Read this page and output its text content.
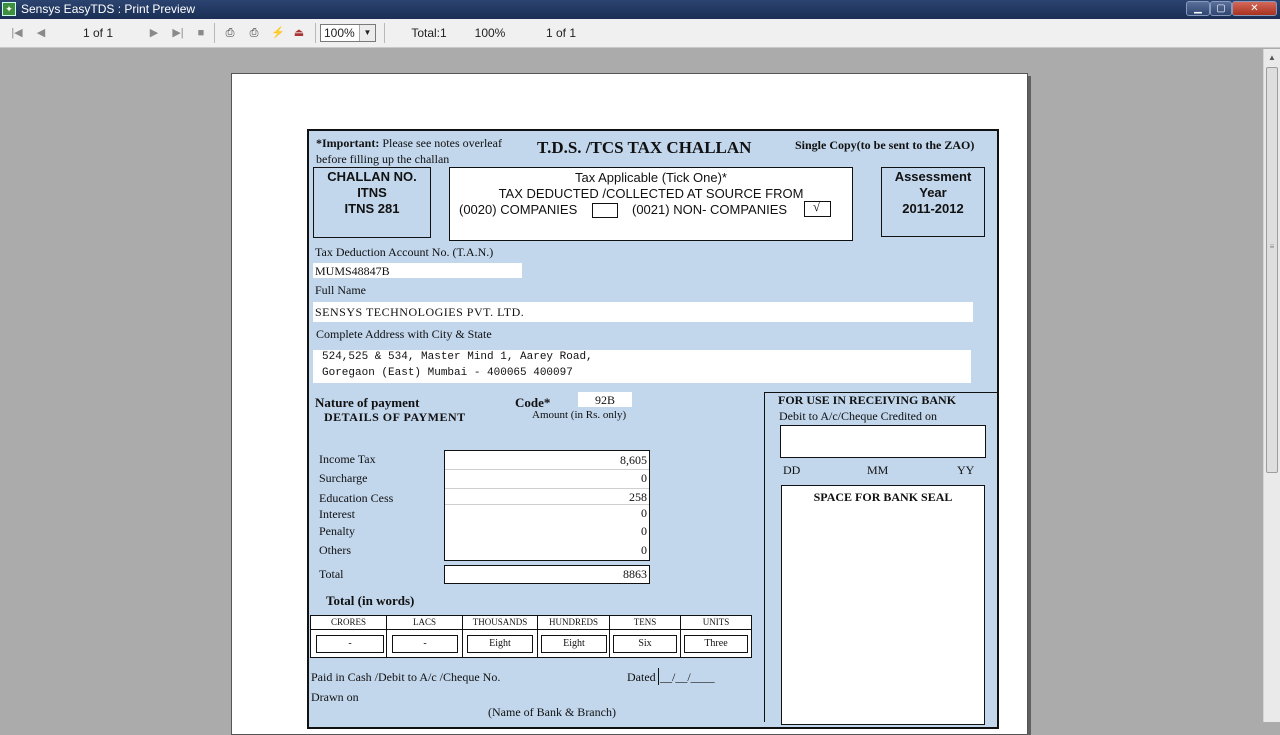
✦ Sensys EasyTDS : Print Preview	▁	▢	✕
|◀	◀	1 of 1	▶	▶|	■	⎙	⎙	⚡ ⏏ 100%	▼	Total:1 100%	1 of 1
*Important: Please see notes overleaf
before filling up the challan
T.D.S. /TCS TAX CHALLAN	Single Copy(to be sent to the ZAO)
CHALLAN NO.
ITNS
ITNS 281
Tax Applicable (Tick One)*
TAX DEDUCTED /COLLECTED AT SOURCE FROM
(0020) COMPANIES	(0021) NON- COMPANIES √
Assessment
Year
2011-2012
Tax Deduction Account No. (T.A.N.)
MUMS48847B
Full Name
SENSYS TECHNOLOGIES PVT. LTD.
Complete Address with City & State
524,525 & 534, Master Mind 1, Aarey Road,
Goregaon (East) Mumbai - 400065 400097
FOR USE IN RECEIVING BANK
Debit to A/c/Cheque Credited on
DD	MM	YY
SPACE FOR BANK SEAL
Nature of payment	Code*	92B
DETAILS OF PAYMENT	Amount (in Rs. only)
Income Tax	8,605
Surcharge	0
Education Cess	258
Interest	0
Penalty	0
Others	0
Total	8863
Total (in words)
CRORES	LACS	THOUSANDS	HUNDREDS	TENS	UNITS
-	-	Eight	Eight	Six	Three
Paid in Cash /Debit to A/c /Cheque No.	Dated __/__/____
Drawn on
(Name of Bank & Branch)
▲
≡
